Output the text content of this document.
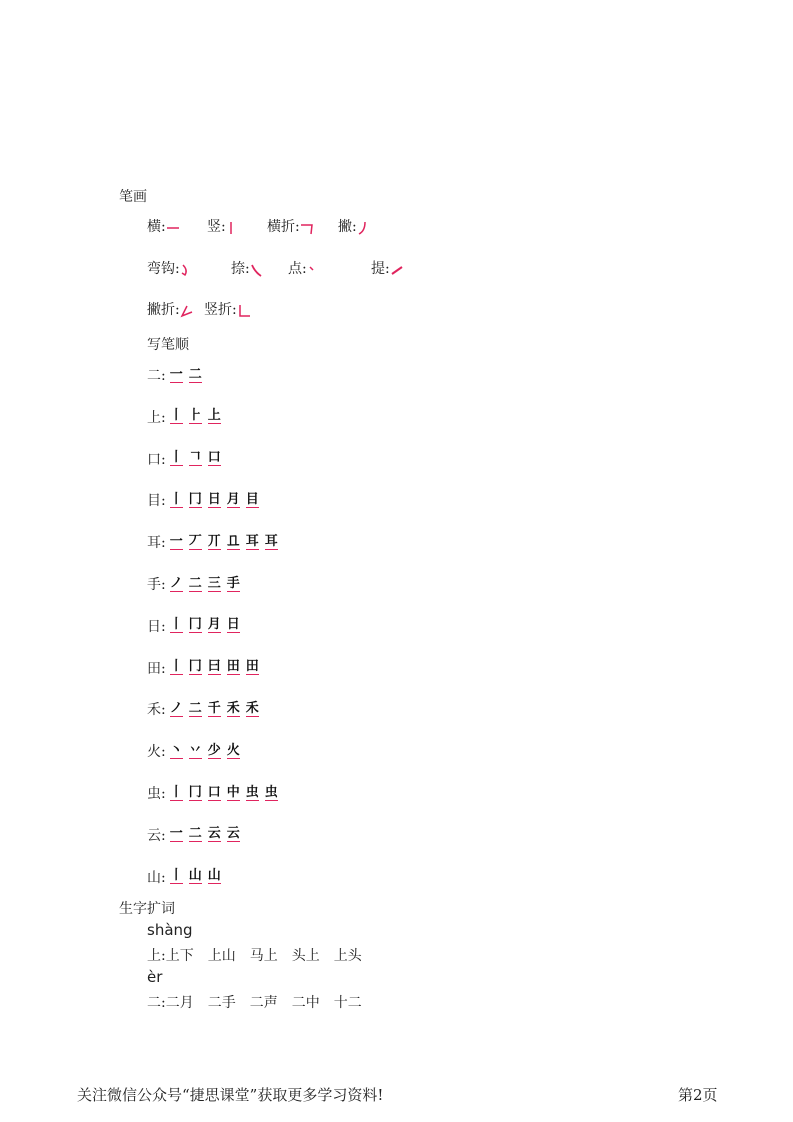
笔画
横:	竖:	横折:	撇:
弯钩:	捺:	点:	提:
撇折: 竖折:
写笔顺
二: 一 二
上: 丨 ⺊ 上
口: 丨 𠃍 口
目: 丨 冂 日 月 目
耳: 一 丆 丌 𠀃 耳 耳
手: ノ 二 三 手
日: 丨 冂 月 日
田: 丨 冂 曰 田 田
禾: ノ 二 千 禾 禾
火: 丶 丷 少 火
虫: 丨 冂 口 中 虫 虫
云: 一 二 云 云
山: 丨 山 山
生字扩词
shàng
上:上下 上山 马上 头上 上头
èr
二:二月 二手 二声 二中 十二
关注微信公众号“捷思课堂”获取更多学习资料!	第2页
